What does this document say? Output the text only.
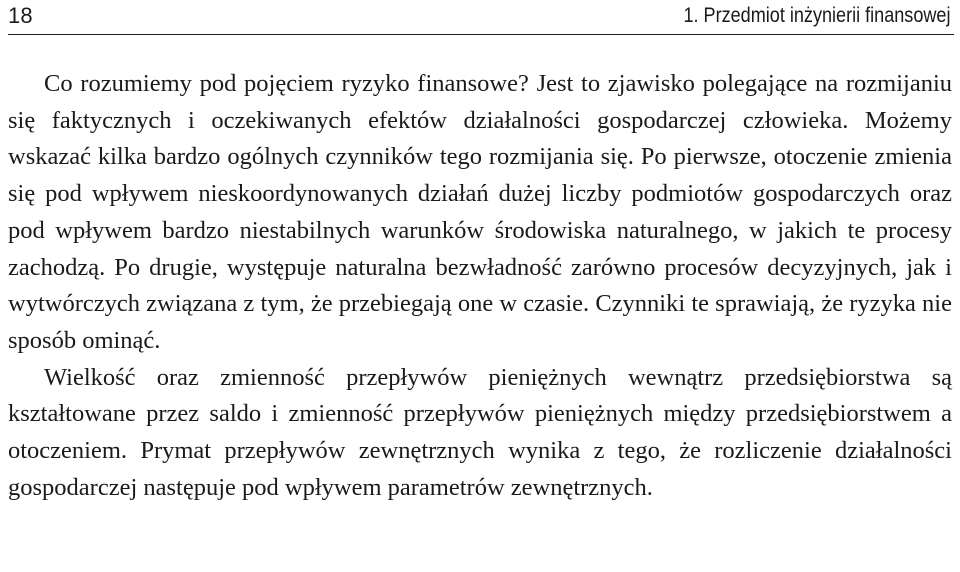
18	1. Przedmiot inżynierii finansowej

Co rozumiemy pod pojęciem ryzyko finansowe? Jest to zjawisko polegające na rozmijaniu się faktycznych i oczekiwanych efektów działalności gospodarczej człowieka. Możemy wskazać kilka bardzo ogólnych czynników tego rozmijania się. Po pierwsze, otoczenie zmienia się pod wpływem nieskoordynowanych działań dużej liczby podmiotów gospodarczych oraz pod wpływem bardzo niestabilnych warunków środowiska naturalnego, w jakich te procesy zachodzą. Po drugie, występuje naturalna bezwładność zarówno procesów decyzyjnych, jak i wytwórczych związana z tym, że przebiegają one w czasie. Czynniki te sprawiają, że ryzyka nie sposób ominąć.

Wielkość oraz zmienność przepływów pieniężnych wewnątrz przedsiębiorstwa są kształtowane przez saldo i zmienność przepływów pieniężnych między przedsiębiorstwem a otoczeniem. Prymat przepływów zewnętrznych wynika z tego, że rozliczenie działalności gospodarczej następuje pod wpływem parametrów zewnętrznych.
